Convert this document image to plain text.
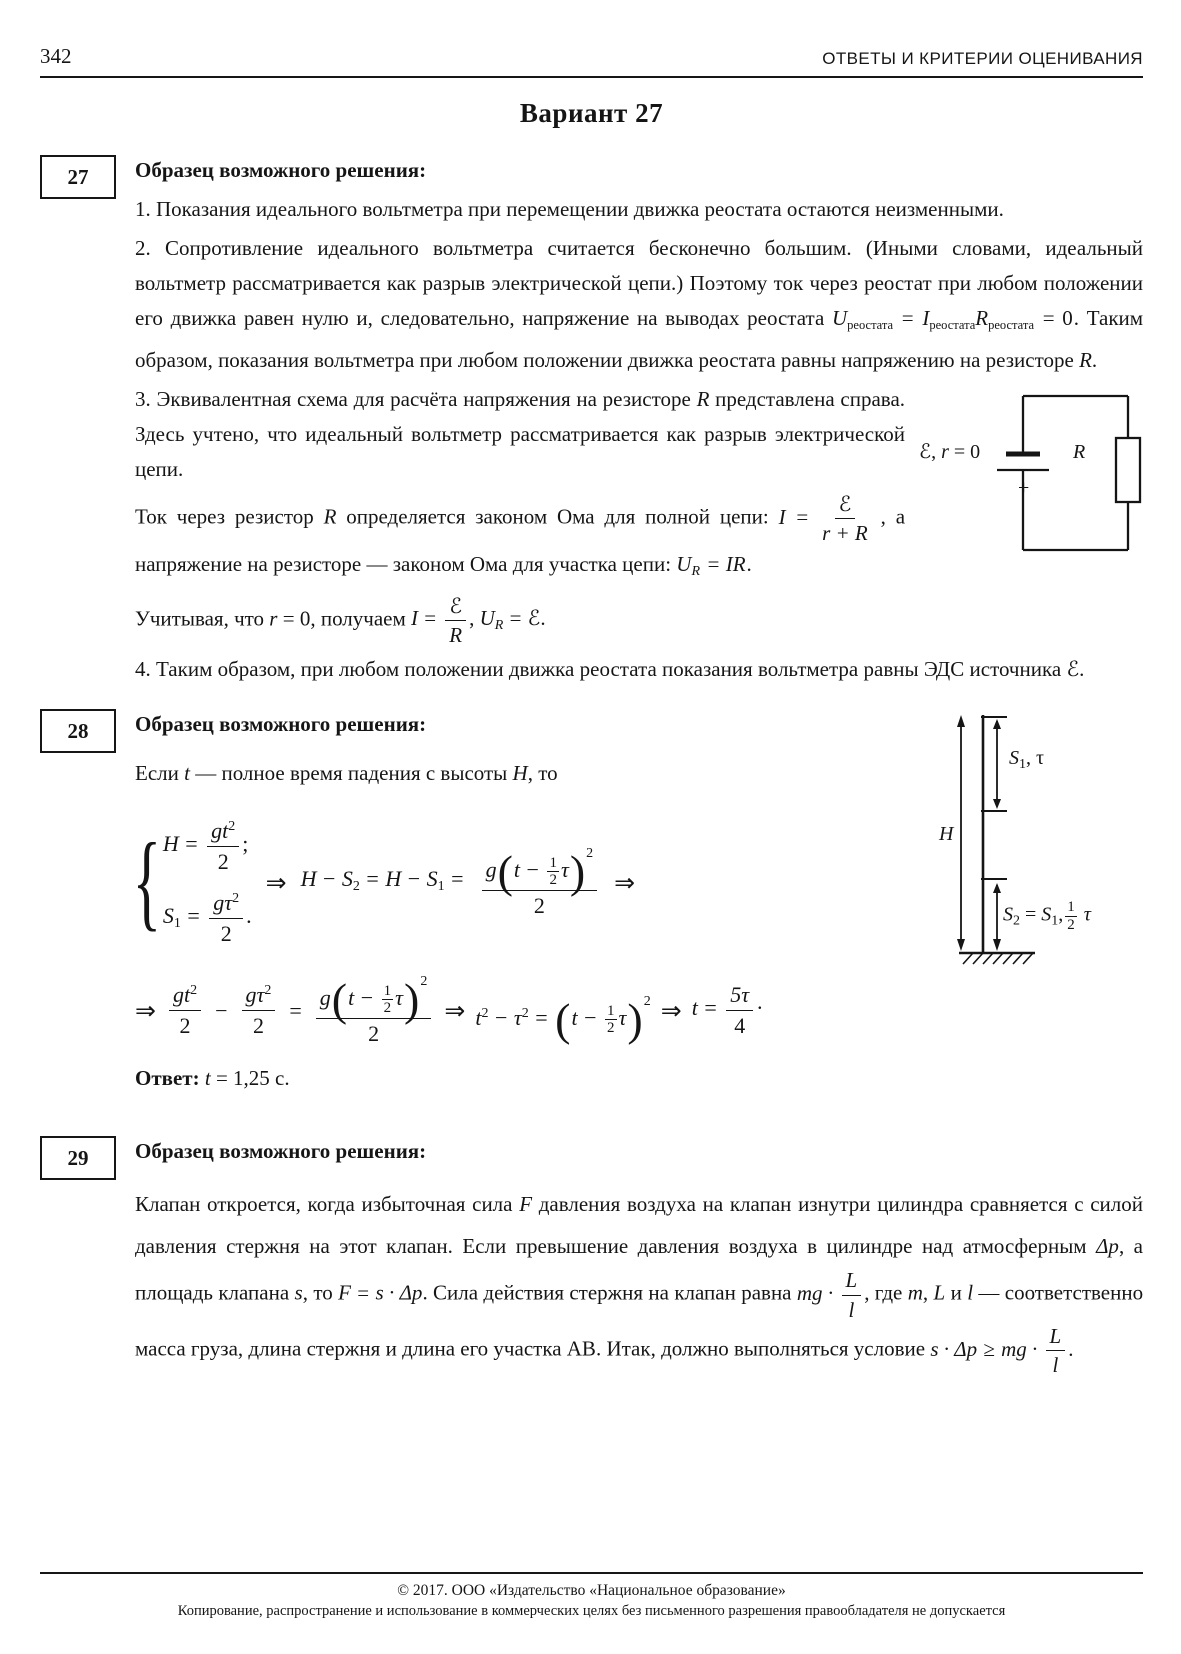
342	ОТВЕТЫ И КРИТЕРИИ ОЦЕНИВАНИЯ
Вариант 27
27	Образец возможного решения:

1. Показания идеального вольтметра при перемещении движка реостата остаются неизменными.

2. Сопротивление идеального вольтметра считается бесконечно большим. (Иными словами, идеальный вольтметр рассматривается как разрыв электрической цепи.) Поэтому ток через реостат при любом положении его движка равен нулю и, следовательно, напряжение на выводах реостата $U_{реостата} = I_{реостата}R_{реостата} = 0$. Таким образом, показания вольтметра при любом положении движка реостата равны напряжению на резисторе R.

ℰ, r = 0
+
R

3. Эквивалентная схема для расчёта напряжения на резисторе R представлена справа. Здесь учтено, что идеальный вольтметр рассматривается как разрыв электрической цепи.

Ток через резистор R определяется законом Ома для полной цепи: $I = \frac{\text{ℰ}}{r + R}$ , а напряжение на резисторе — законом Ома для участка цепи: $U_R$ = IR.

Учитывая, что r = 0, получаем $I = \frac{\text{ℰ}}{R}$ , $U_R$ = ℰ.

4. Таким образом, при любом положении движка реостата показания вольтметра равны ЭДС источника ℰ.

28
H
$S_1$, τ
$S_2 = S_1$, $\frac{1}{2}$ τ

Образец возможного решения:

Если t — полное время падения с высоты H, то

{ $H = \frac{gt^2}{2}$ ;
$S_1 = \frac{g\tau^2}{2}$ .
⇒ $H - S_2 = H - S_1 = \frac{g(t - \frac{1}{2} \tau)^2}{2}$ ⇒
⇒ $\frac{gt^2}{2} - \frac{g\tau^2}{2} = \frac{g(t - \frac{1}{2} \tau)^2}{2}$ ⇒ $t^2 - \tau^2 = (t - \frac{1}{2} \tau)^2$ ⇒ $t = \frac{5\tau}{4}$ ·

Ответ: t = 1,25 с.

29	Образец возможного решения:

Клапан откроется, когда избыточная сила F давления воздуха на клапан изнутри цилиндра сравняется с силой давления стержня на этот клапан. Если превышение давления воздуха в цилиндре над атмосферным Δp, а площадь клапана s, то F = s · Δp. Сила действия стержня на клапан равна mg · $\frac{L}{l}$ , где m, L и l — соответственно масса груза, длина стержня и длина его участка АВ. Итак, должно выполняться условие s · Δp ≥ mg · $\frac{L}{l}$ .

© 2017. ООО «Издательство «Национальное образование»

Копирование, распространение и использование в коммерческих целях без письменного разрешения правообладателя не допускается
